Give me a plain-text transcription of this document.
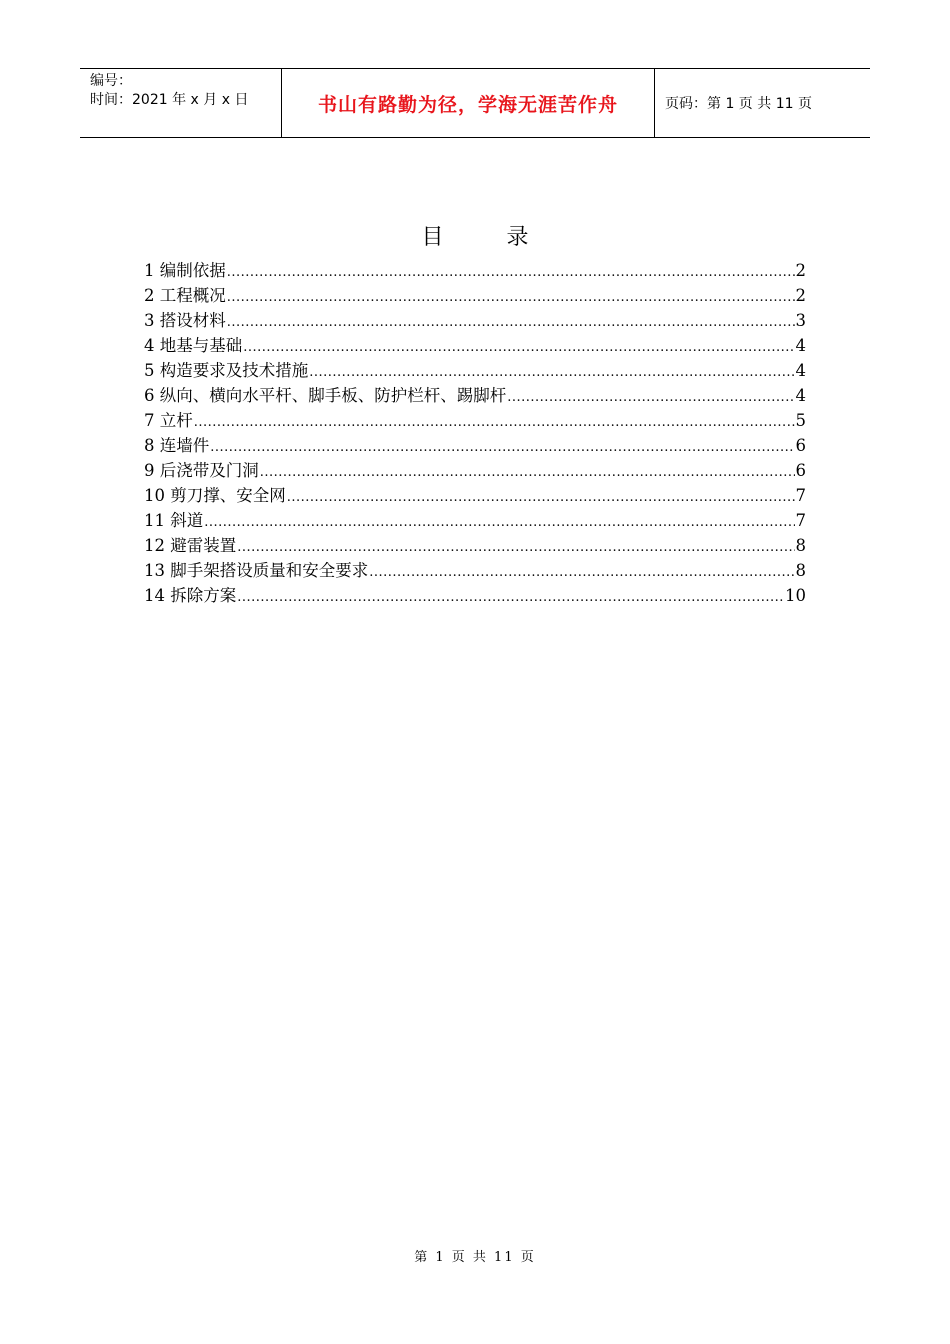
编号：
时间：2021 年 x 月 x 日	书山有路勤为径，学海无涯苦作舟	页码：第 1 页 共 11 页
目 录
1 编制依据 .....	2
2 工程概况 .....	2
3 搭设材料 .....	3
4 地基与基础 .....	4
5 构造要求及技术措施 .....	4
6 纵向、横向水平杆、脚手板、防护栏杆、踢脚杆 .....	4
7 立杆 .....	5
8 连墙件 .....	6
9 后浇带及门洞 .....	6
10 剪刀撑、安全网 .....	7
11 斜道 .....	7
12 避雷装置 .....	8
13 脚手架搭设质量和安全要求 .....	8
14 拆除方案 .....	10
第 1 页 共 11 页
